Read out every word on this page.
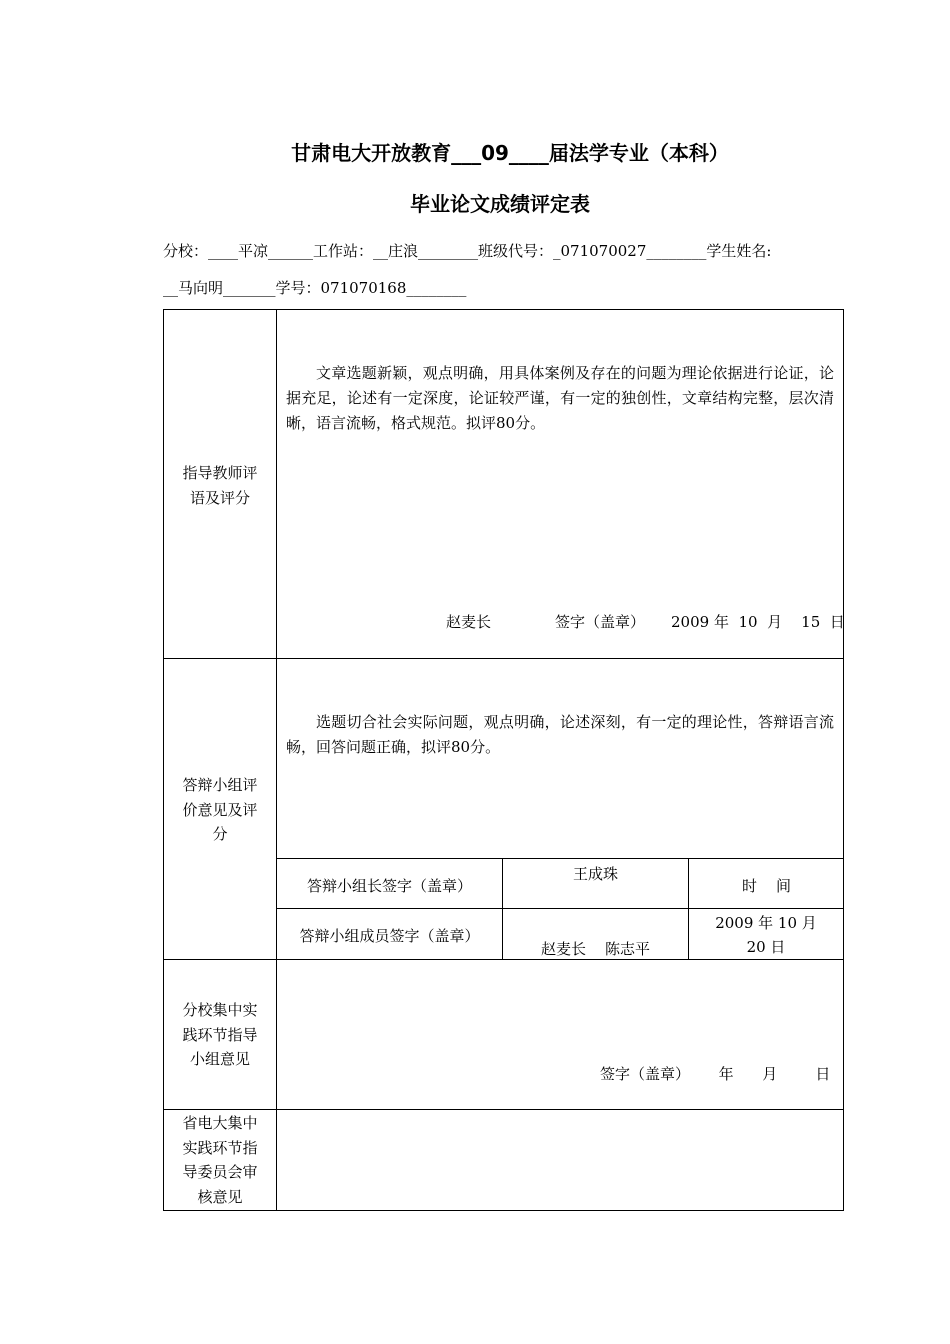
甘肃电大开放教育___09____届法学专业（本科）
毕业论文成绩评定表
分校：____平凉______工作站：__庄浪________班级代号：_071070027________学生姓名:
__马向明_______学号：071070168________
指导教师评语及评分
文章选题新颖，观点明确，用具体案例及存在的问题为理论依据进行论证，论据充足，论述有一定深度，论证较严谨，有一定的独创性，文章结构完整，层次清晰，语言流畅，格式规范。拟评80分。
赵麦长	签字（盖章） 2009 年  10  月    15  日
答辩小组评价意见及评分
选题切合社会实际问题，观点明确，论述深刻，有一定的理论性，答辩语言流畅，回答问题正确，拟评80分。
答辩小组长签字（盖章）
王成珠
时    间
答辩小组成员签字（盖章）
赵麦长    陈志平
2009 年 10 月 20 日
分校集中实践环节指导小组意见
签字（盖章）      年      月        日
省电大集中实践环节指导委员会审核意见
